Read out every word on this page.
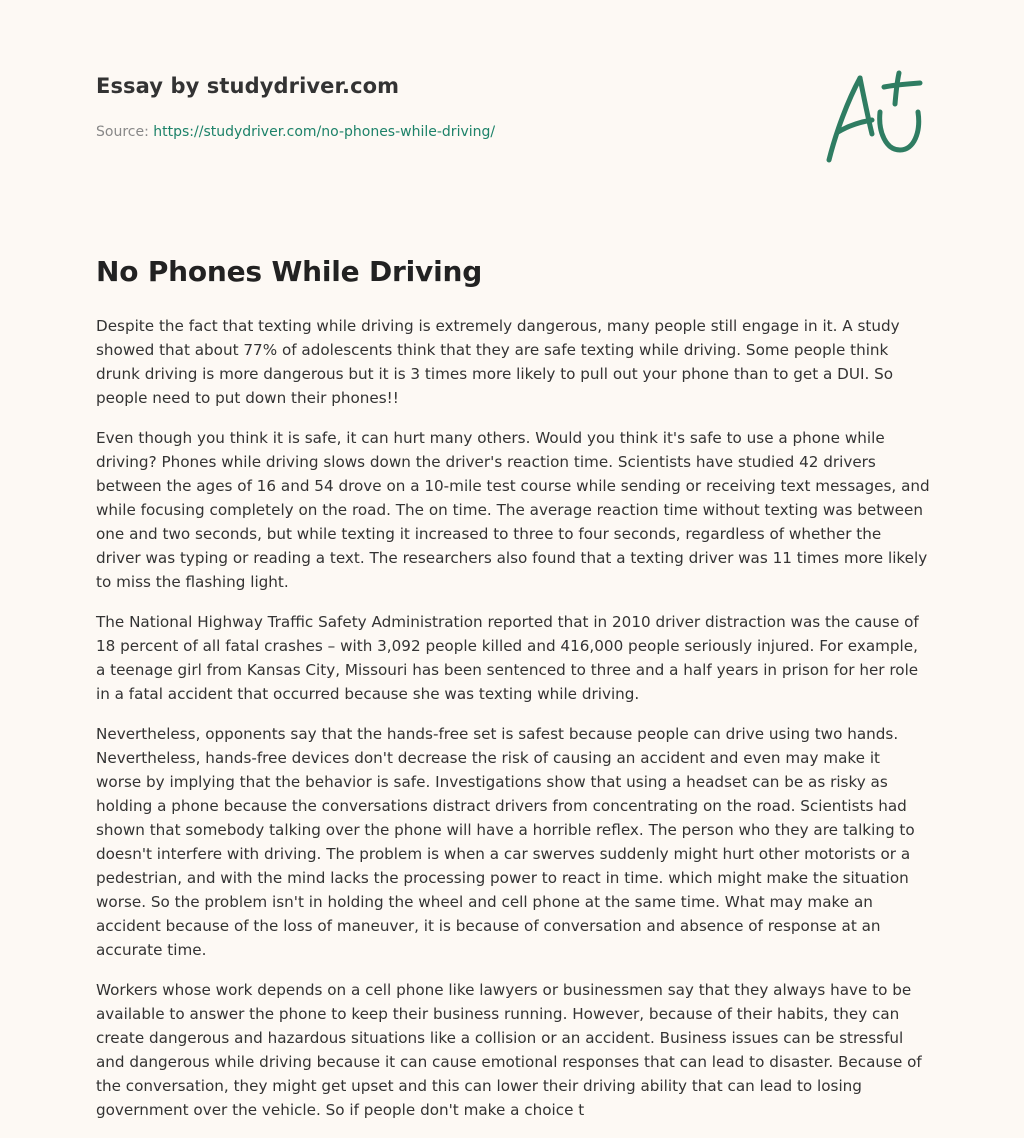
Essay by studydriver.com
Source: https://studydriver.com/no-phones-while-driving/
No Phones While Driving

Despite the fact that texting while driving is extremely dangerous, many people still engage in it. A study showed that about 77% of adolescents think that they are safe texting while driving. Some people think drunk driving is more dangerous but it is 3 times more likely to pull out your phone than to get a DUI. So people need to put down their phones!!

Even though you think it is safe, it can hurt many others. Would you think it's safe to use a phone while driving? Phones while driving slows down the driver's reaction time. Scientists have studied 42 drivers between the ages of 16 and 54 drove on a 10-mile test course while sending or receiving text messages, and while focusing completely on the road. The on time. The average reaction time without texting was between one and two seconds, but while texting it increased to three to four seconds, regardless of whether the driver was typing or reading a text. The researchers also found that a texting driver was 11 times more likely to miss the flashing light.

The National Highway Traffic Safety Administration reported that in 2010 driver distraction was the cause of 18 percent of all fatal crashes – with 3,092 people killed and 416,000 people seriously injured. For example, a teenage girl from Kansas City, Missouri has been sentenced to three and a half years in prison for her role in a fatal accident that occurred because she was texting while driving.

Nevertheless, opponents say that the hands-free set is safest because people can drive using two hands. Nevertheless, hands-free devices don't decrease the risk of causing an accident and even may make it worse by implying that the behavior is safe. Investigations show that using a headset can be as risky as holding a phone because the conversations distract drivers from concentrating on the road. Scientists had shown that somebody talking over the phone will have a horrible reflex. The person who they are talking to doesn't interfere with driving. The problem is when a car swerves suddenly might hurt other motorists or a pedestrian, and with the mind lacks the processing power to react in time. which might make the situation worse. So the problem isn't in holding the wheel and cell phone at the same time. What may make an accident because of the loss of maneuver, it is because of conversation and absence of response at an accurate time.

Workers whose work depends on a cell phone like lawyers or businessmen say that they always have to be available to answer the phone to keep their business running. However, because of their habits, they can create dangerous and hazardous situations like a collision or an accident. Business issues can be stressful and dangerous while driving because it can cause emotional responses that can lead to disaster. Because of the conversation, they might get upset and this can lower their driving ability that can lead to losing government over the vehicle. So if people don't make a choice t
